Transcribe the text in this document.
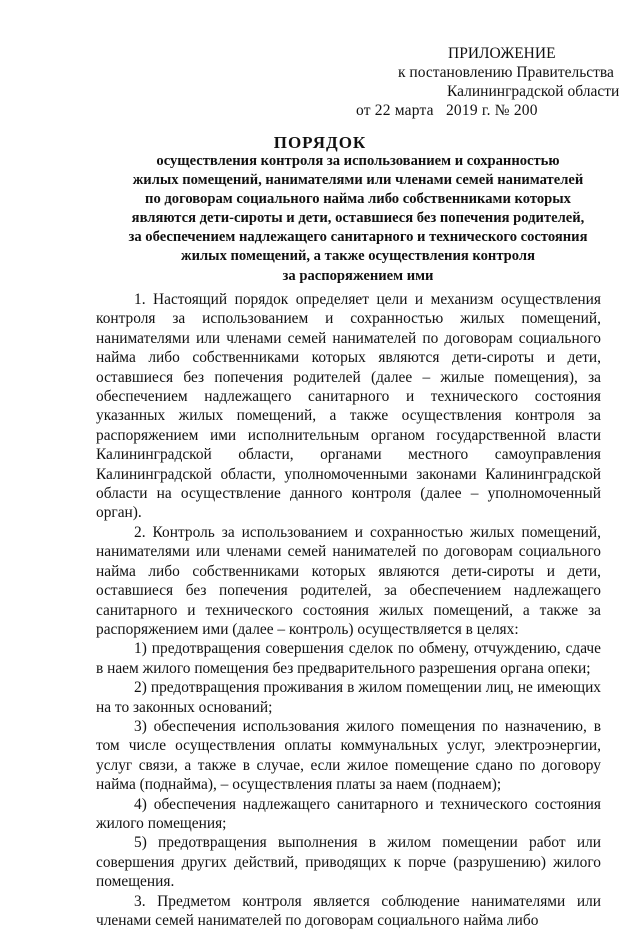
ПРИЛОЖЕНИЕ
к постановлению Правительства
Калининградской области
от 22 марта   2019 г. № 200
ПОРЯДОК
осуществления контроля за использованием и сохранностью
жилых помещений, нанимателями или членами семей нанимателей
по договорам социального найма либо собственниками которых
являются дети-сироты и дети, оставшиеся без попечения родителей,
за обеспечением надлежащего санитарного и технического состояния
жилых помещений, а также осуществления контроля
за распоряжением ими

1. Настоящий порядок определяет цели и механизм осуществления контроля за использованием и сохранностью жилых помещений, нанимателями или членами семей нанимателей по договорам социального найма либо собственниками которых являются дети-сироты и дети, оставшиеся без попечения родителей (далее – жилые помещения), за обеспечением надлежащего санитарного и технического состояния указанных жилых помещений, а также осуществления контроля за распоряжением ими исполнительным органом государственной власти Калининградской области, органами местного самоуправления Калининградской области, уполномоченными законами Калининградской области на осуществление данного контроля (далее – уполномоченный орган).

2. Контроль за использованием и сохранностью жилых помещений, нанимателями или членами семей нанимателей по договорам социального найма либо собственниками которых являются дети-сироты и дети, оставшиеся без попечения родителей, за обеспечением надлежащего санитарного и технического состояния жилых помещений, а также за распоряжением ими (далее – контроль) осуществляется в целях:

1) предотвращения совершения сделок по обмену, отчуждению, сдаче в наем жилого помещения без предварительного разрешения органа опеки;

2) предотвращения проживания в жилом помещении лиц, не имеющих на то законных оснований;

3) обеспечения использования жилого помещения по назначению, в том числе осуществления оплаты коммунальных услуг, электроэнергии, услуг связи, а также в случае, если жилое помещение сдано по договору найма (поднайма), – осуществления платы за наем (поднаем);

4) обеспечения надлежащего санитарного и технического состояния жилого помещения;

5) предотвращения выполнения в жилом помещении работ или совершения других действий, приводящих к порче (разрушению) жилого помещения.

3. Предметом контроля является соблюдение нанимателями или членами семей нанимателей по договорам социального найма либо
